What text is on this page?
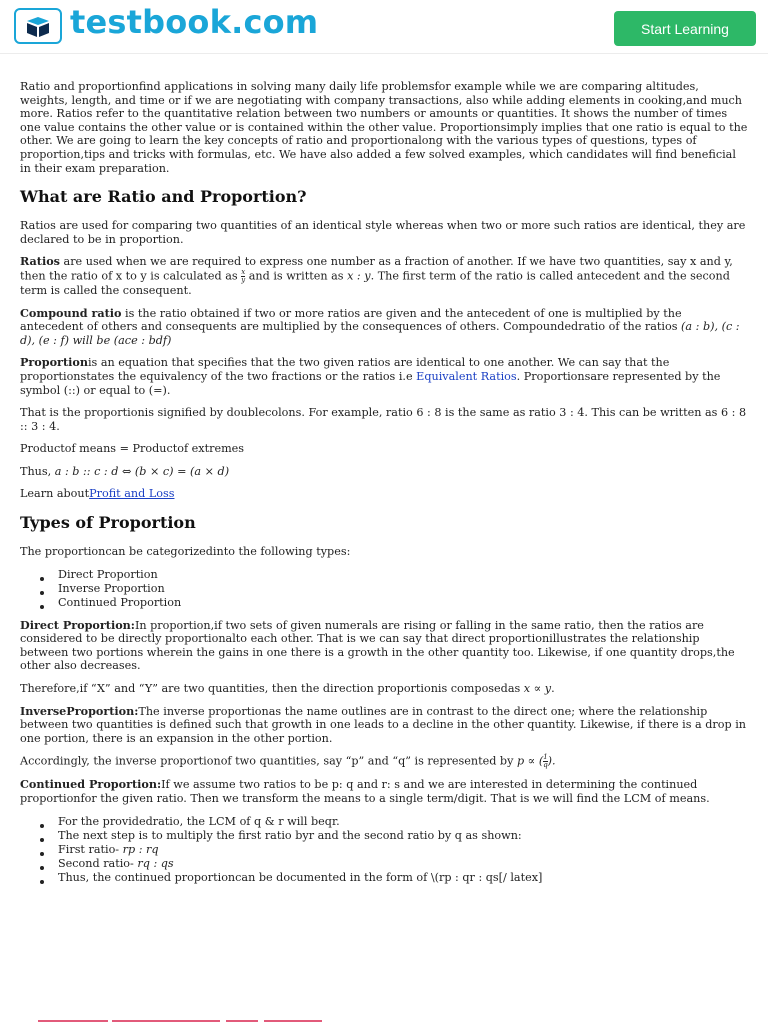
testbook.com	Start Learning

Ratio and proportionfind applications in solving many daily life problemsfor example while we are comparing altitudes, weights, length, and time or if we are negotiating with company transactions, also while adding elements in cooking,and much more. Ratios refer to the quantitative relation between two numbers or amounts or quantities. It shows the number of times one value contains the other value or is contained within the other value. Proportionsimply implies that one ratio is equal to the other. We are going to learn the key concepts of ratio and proportionalong with the various types of questions, types of proportion,tips and tricks with formulas, etc. We have also added a few solved examples, which candidates will find beneficial in their exam preparation.

What are Ratio and Proportion?

Ratios are used for comparing two quantities of an identical style whereas when two or more such ratios are identical, they are declared to be in proportion.

Ratios are used when we are required to express one number as a fraction of another. If we have two quantities, say x and y, then the ratio of x to y is calculated as $\frac{x}{y}$ and is written as x : y. The first term of the ratio is called antecedent and the second term is called the consequent.

Compound ratio is the ratio obtained if two or more ratios are given and the antecedent of one is multiplied by the antecedent of others and consequents are multiplied by the consequences of others. Compoundedratio of the ratios (a : b), (c : d), (e : f) will be (ace : bdf)

Proportionis an equation that specifies that the two given ratios are identical to one another. We can say that the proportionstates the equivalency of the two fractions or the ratios i.e Equivalent Ratios. Proportionsare represented by the symbol (::) or equal to (=).

That is the proportionis signified by doublecolons. For example, ratio 6 : 8 is the same as ratio 3 : 4. This can be written as 6 : 8 :: 3 : 4.

Productof means = Productof extremes

Thus, a : b :: c : d ⇔ (b × c) = (a × d)

Learn aboutProfit and Loss

Types of Proportion

The proportioncan be categorizedinto the following types:

Direct Proportion
Inverse Proportion
Continued Proportion

Direct Proportion:In proportion,if two sets of given numerals are rising or falling in the same ratio, then the ratios are considered to be directly proportionalto each other. That is we can say that direct proportionillustrates the relationship between two portions wherein the gains in one there is a growth in the other quantity too. Likewise, if one quantity drops,the other also decreases.

Therefore,if “X” and “Y” are two quantities, then the direction proportionis composedas x ∝ y.

InverseProportion:The inverse proportionas the name outlines are in contrast to the direct one; where the relationship between two quantities is defined such that growth in one leads to a decline in the other quantity. Likewise, if there is a drop in one portion, there is an expansion in the other portion.

Accordingly, the inverse proportionof two quantities, say “p” and “q” is represented by p ∝ ( $\frac{1}{q}$ ).

Continued Proportion:If we assume two ratios to be p: q and r: s and we are interested in determining the continued proportionfor the given ratio. Then we transform the means to a single term/digit. That is we will find the LCM of means.

For the providedratio, the LCM of q & r will beqr.
The next step is to multiply the first ratio byr and the second ratio by q as shown:
First ratio- rp : rq
Second ratio- rq : qs
Thus, the continued proportioncan be documented in the form of \(rp : qr : qs[/ latex]
